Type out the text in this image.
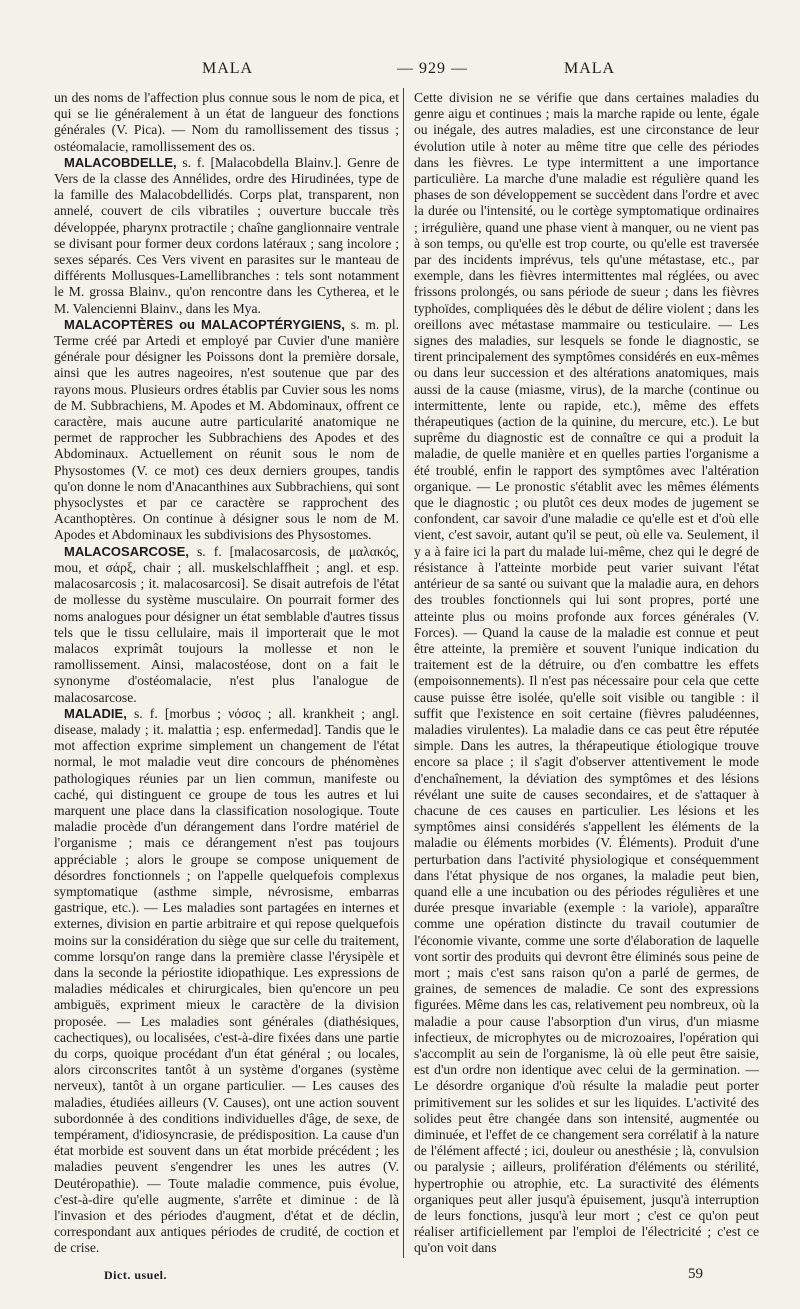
MALA	— 929 —	MALA

un des noms de l'affection plus connue sous le nom de pica, et qui se lie généralement à un état de langueur des fonctions générales (V. Pica). — Nom du ramollissement des tissus ; ostéomalacie, ramollissement des os.

MALACOBDELLE, s. f. [Malacobdella Blainv.]. Genre de Vers de la classe des Annélides, ordre des Hirudinées, type de la famille des Malacobdellidés. Corps plat, transparent, non annelé, couvert de cils vibratiles ; ouverture buccale très développée, pharynx protractile ; chaîne ganglionnaire ventrale se divisant pour former deux cordons latéraux ; sang incolore ; sexes séparés. Ces Vers vivent en parasites sur le manteau de différents Mollusques-Lamellibranches : tels sont notamment le M. grossa Blainv., qu'on rencontre dans les Cytherea, et le M. Valencienni Blainv., dans les Mya.

MALACOPTÈRES ou MALACOPTÉRYGIENS, s. m. pl. Terme créé par Artedi et employé par Cuvier d'une manière générale pour désigner les Poissons dont la première dorsale, ainsi que les autres nageoires, n'est soutenue que par des rayons mous. Plusieurs ordres établis par Cuvier sous les noms de M. Subbrachiens, M. Apodes et M. Abdominaux, offrent ce caractère, mais aucune autre particularité anatomique ne permet de rapprocher les Subbrachiens des Apodes et des Abdominaux. Actuellement on réunit sous le nom de Physostomes (V. ce mot) ces deux derniers groupes, tandis qu'on donne le nom d'Anacanthines aux Subbrachiens, qui sont physoclystes et par ce caractère se rapprochent des Acanthoptères. On continue à désigner sous le nom de M. Apodes et Abdominaux les subdivisions des Physostomes.

MALACOSARCOSE, s. f. [malacosarcosis, de μαλακός, mou, et σάρξ, chair ; all. muskelschlaffheit ; angl. et esp. malacosarcosis ; it. malacosarcosi]. Se disait autrefois de l'état de mollesse du système musculaire. On pourrait former des noms analogues pour désigner un état semblable d'autres tissus tels que le tissu cellulaire, mais il importerait que le mot malacos exprimât toujours la mollesse et non le ramollissement. Ainsi, malacostéose, dont on a fait le synonyme d'ostéomalacie, n'est plus l'analogue de malacosarcose.

MALADIE, s. f. [morbus ; νόσος ; all. krankheit ; angl. disease, malady ; it. malattia ; esp. enfermedad]. Tandis que le mot affection exprime simplement un changement de l'état normal, le mot maladie veut dire concours de phénomènes pathologiques réunies par un lien commun, manifeste ou caché, qui distinguent ce groupe de tous les autres et lui marquent une place dans la classification nosologique. Toute maladie procède d'un dérangement dans l'ordre matériel de l'organisme ; mais ce dérangement n'est pas toujours appréciable ; alors le groupe se compose uniquement de désordres fonctionnels ; on l'appelle quelquefois complexus symptomatique (asthme simple, névrosisme, embarras gastrique, etc.). — Les maladies sont partagées en internes et externes, division en partie arbitraire et qui repose quelquefois moins sur la considération du siège que sur celle du traitement, comme lorsqu'on range dans la première classe l'érysipèle et dans la seconde la périostite idiopathique. Les expressions de maladies médicales et chirurgicales, bien qu'encore un peu ambiguës, expriment mieux le caractère de la division proposée. — Les maladies sont générales (diathésiques, cachectiques), ou localisées, c'est-à-dire fixées dans une partie du corps, quoique procédant d'un état général ; ou locales, alors circonscrites tantôt à un système d'organes (système nerveux), tantôt à un organe particulier. — Les causes des maladies, étudiées ailleurs (V. Causes), ont une action souvent subordonnée à des conditions individuelles d'âge, de sexe, de tempérament, d'idiosyncrasie, de prédisposition. La cause d'un état morbide est souvent dans un état morbide précédent ; les maladies peuvent s'engendrer les unes les autres (V. Deutéropathie). — Toute maladie commence, puis évolue, c'est-à-dire qu'elle augmente, s'arrête et diminue : de là l'invasion et des périodes d'augment, d'état et de déclin, correspondant aux antiques périodes de crudité, de coction et de crise.

Cette division ne se vérifie que dans certaines maladies du genre aigu et continues ; mais la marche rapide ou lente, égale ou inégale, des autres maladies, est une circonstance de leur évolution utile à noter au même titre que celle des périodes dans les fièvres. Le type intermittent a une importance particulière. La marche d'une maladie est régulière quand les phases de son développement se succèdent dans l'ordre et avec la durée ou l'intensité, ou le cortège symptomatique ordinaires ; irrégulière, quand une phase vient à manquer, ou ne vient pas à son temps, ou qu'elle est trop courte, ou qu'elle est traversée par des incidents imprévus, tels qu'une métastase, etc., par exemple, dans les fièvres intermittentes mal réglées, ou avec frissons prolongés, ou sans période de sueur ; dans les fièvres typhoïdes, compliquées dès le début de délire violent ; dans les oreillons avec métastase mammaire ou testiculaire. — Les signes des maladies, sur lesquels se fonde le diagnostic, se tirent principalement des symptômes considérés en eux-mêmes ou dans leur succession et des altérations anatomiques, mais aussi de la cause (miasme, virus), de la marche (continue ou intermittente, lente ou rapide, etc.), même des effets thérapeutiques (action de la quinine, du mercure, etc.). Le but suprême du diagnostic est de connaître ce qui a produit la maladie, de quelle manière et en quelles parties l'organisme a été troublé, enfin le rapport des symptômes avec l'altération organique. — Le pronostic s'établit avec les mêmes éléments que le diagnostic ; ou plutôt ces deux modes de jugement se confondent, car savoir d'une maladie ce qu'elle est et d'où elle vient, c'est savoir, autant qu'il se peut, où elle va. Seulement, il y a à faire ici la part du malade lui-même, chez qui le degré de résistance à l'atteinte morbide peut varier suivant l'état antérieur de sa santé ou suivant que la maladie aura, en dehors des troubles fonctionnels qui lui sont propres, porté une atteinte plus ou moins profonde aux forces générales (V. Forces). — Quand la cause de la maladie est connue et peut être atteinte, la première et souvent l'unique indication du traitement est de la détruire, ou d'en combattre les effets (empoisonnements). Il n'est pas nécessaire pour cela que cette cause puisse être isolée, qu'elle soit visible ou tangible : il suffit que l'existence en soit certaine (fièvres paludéennes, maladies virulentes). La maladie dans ce cas peut être réputée simple. Dans les autres, la thérapeutique étiologique trouve encore sa place ; il s'agit d'observer attentivement le mode d'enchaînement, la déviation des symptômes et des lésions révélant une suite de causes secondaires, et de s'attaquer à chacune de ces causes en particulier. Les lésions et les symptômes ainsi considérés s'appellent les éléments de la maladie ou éléments morbides (V. Éléments). Produit d'une perturbation dans l'activité physiologique et conséquemment dans l'état physique de nos organes, la maladie peut bien, quand elle a une incubation ou des périodes régulières et une durée presque invariable (exemple : la variole), apparaître comme une opération distincte du travail coutumier de l'économie vivante, comme une sorte d'élaboration de laquelle vont sortir des produits qui devront être éliminés sous peine de mort ; mais c'est sans raison qu'on a parlé de germes, de graines, de semences de maladie. Ce sont des expressions figurées. Même dans les cas, relativement peu nombreux, où la maladie a pour cause l'absorption d'un virus, d'un miasme infectieux, de microphytes ou de microzoaires, l'opération qui s'accomplit au sein de l'organisme, là où elle peut être saisie, est d'un ordre non identique avec celui de la germination. — Le désordre organique d'où résulte la maladie peut porter primitivement sur les solides et sur les liquides. L'activité des solides peut être changée dans son intensité, augmentée ou diminuée, et l'effet de ce changement sera corrélatif à la nature de l'élément affecté ; ici, douleur ou anesthésie ; là, convulsion ou paralysie ; ailleurs, prolifération d'éléments ou stérilité, hypertrophie ou atrophie, etc. La suractivité des éléments organiques peut aller jusqu'à épuisement, jusqu'à interruption de leurs fonctions, jusqu'à leur mort ; c'est ce qu'on peut réaliser artificiellement par l'emploi de l'électricité ; c'est ce qu'on voit dans

Dict. usuel.	59
